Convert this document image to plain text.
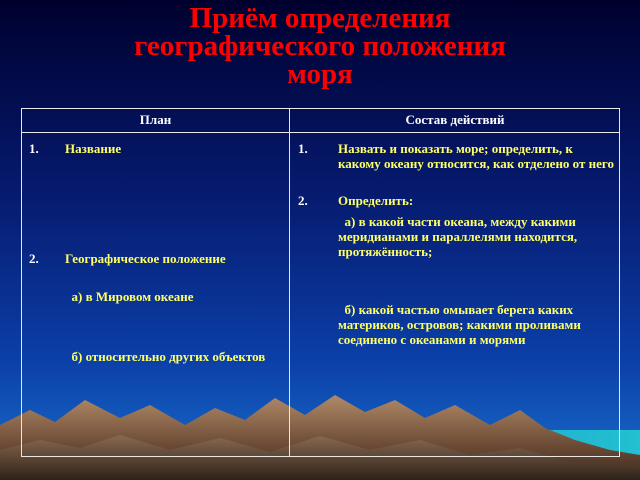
Приём определения
географического положения
моря
План	Состав действий
1. Название
2. Географическое положение
а) в Мировом океане
б) относительно других объектов
1. Назвать и показать море; определить, к какому океану относится, как отделено от него
2. Определить:
а) в какой части океана, между какими меридианами и параллелями находится, протяжённость;
б) какой частью омывает берега каких материков, островов; какими проливами соединено с океанами и морями
